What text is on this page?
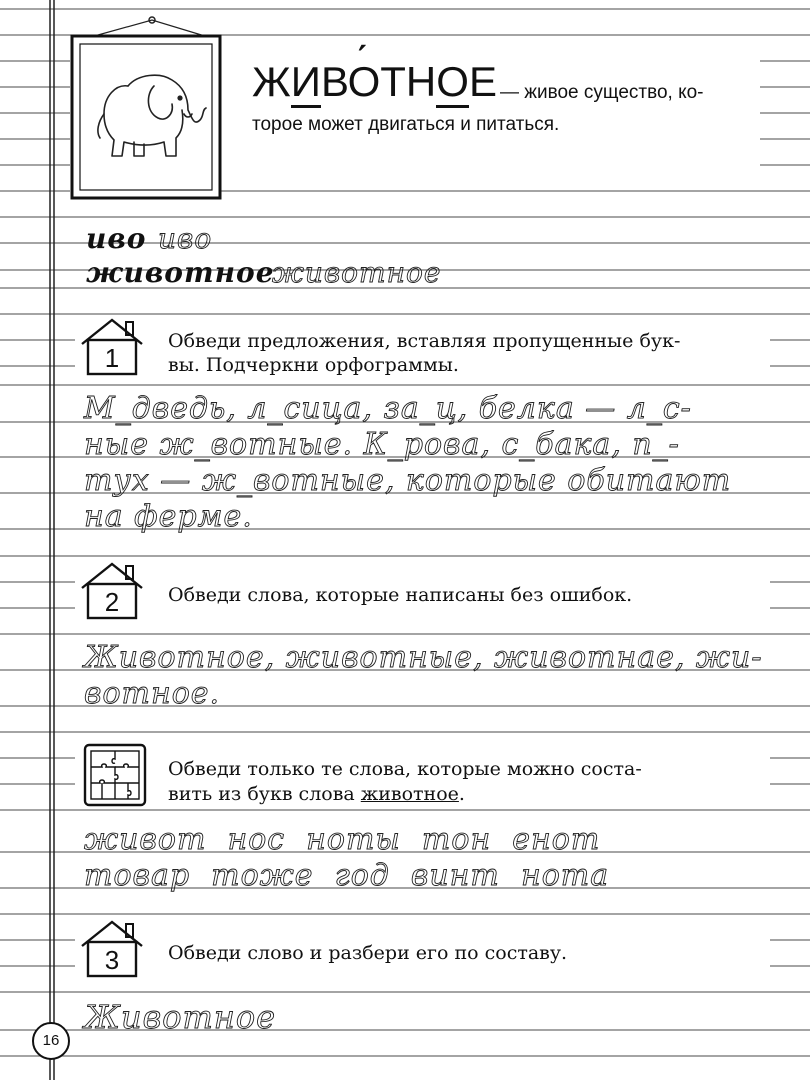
ЖИВОТНОЕ — живое существо, ко-
торое может двигаться и питаться.
иво иво
животное
животное
1
Обведи предложения, вставляя пропущенные бук-
вы. Подчеркни орфограммы.
М_дведь, л_сица, за_ц, белка — л_с-
ные ж_вотные. К_рова, с_бака, п_-
тух — ж_вотные, которые обитают
на ферме.
2	Обведи слова, которые написаны без ошибок.
Животное, животные, животнае, жи-
вотное.
Обведи только те слова, которые можно соста-
вить из букв слова животное.
живот  нос  ноты  тон  енот
товар  тоже  год  винт  нота
3	Обведи слово и разбери его по составу.
Животное
16
